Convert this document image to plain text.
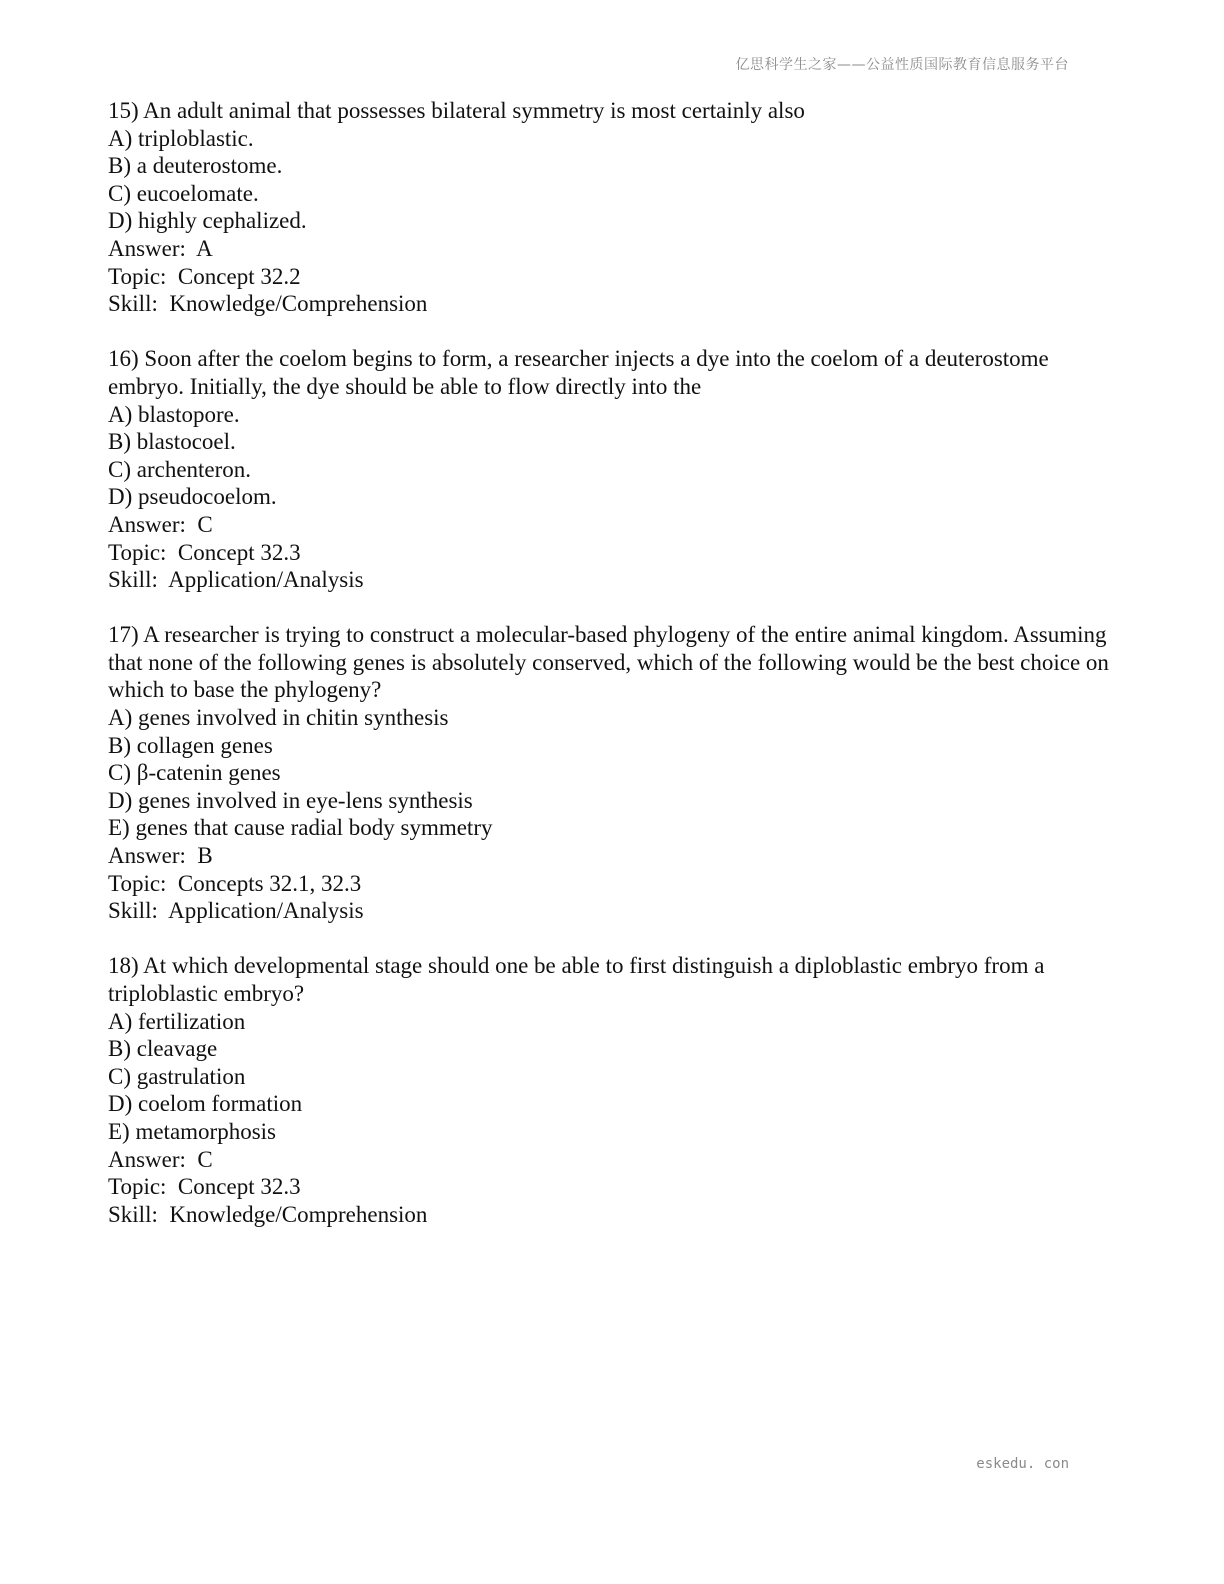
亿思科学生之家——公益性质国际教育信息服务平台

15) An adult animal that possesses bilateral symmetry is most certainly also

A) triploblastic.

B) a deuterostome.

C) eucoelomate.

D) highly cephalized.

Answer:  A

Topic:  Concept 32.2

Skill:  Knowledge/Comprehension

16) Soon after the coelom begins to form, a researcher injects a dye into the coelom of a deuterostome embryo. Initially, the dye should be able to flow directly into the

A) blastopore.

B) blastocoel.

C) archenteron.

D) pseudocoelom.

Answer:  C

Topic:  Concept 32.3

Skill:  Application/Analysis

17) A researcher is trying to construct a molecular-based phylogeny of the entire animal kingdom. Assuming that none of the following genes is absolutely conserved, which of the following would be the best choice on which to base the phylogeny?

A) genes involved in chitin synthesis

B) collagen genes

C) β-catenin genes

D) genes involved in eye-lens synthesis

E) genes that cause radial body symmetry

Answer:  B

Topic:  Concepts 32.1, 32.3

Skill:  Application/Analysis

18) At which developmental stage should one be able to first distinguish a diploblastic embryo from a triploblastic embryo?

A) fertilization

B) cleavage

C) gastrulation

D) coelom formation

E) metamorphosis

Answer:  C

Topic:  Concept 32.3

Skill:  Knowledge/Comprehension

eskedu. con
